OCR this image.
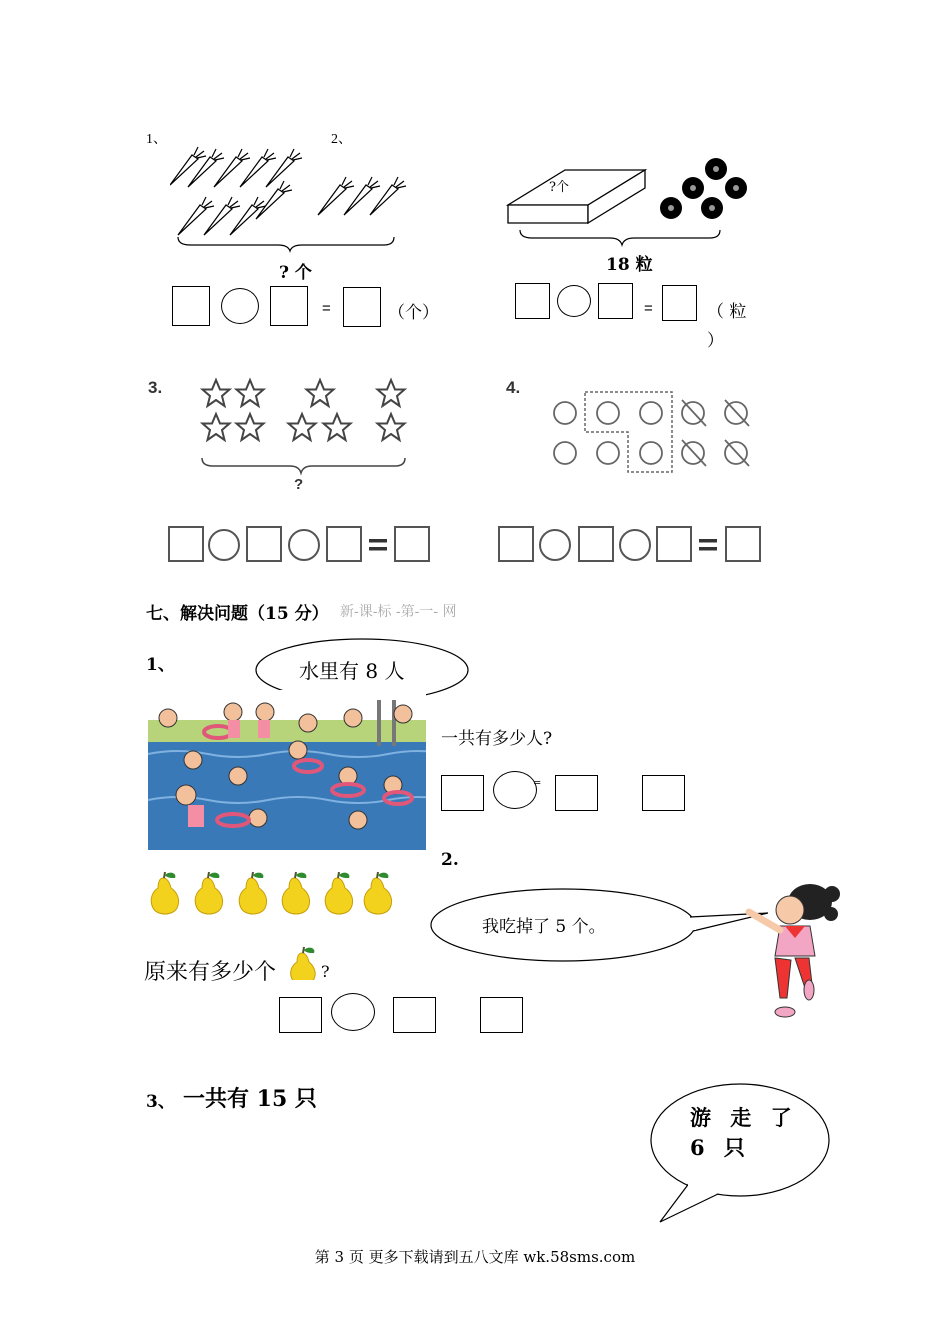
1、
? 个
=	（个）
2、
?个
18 粒
=	（ 粒
）
3.
?
4.
七、解决问题（15 分） 新-课-标 -第-一- 网
1、	水里有 8 人
一共有多少人?
=
2.
我吃掉了 5 个。
原来有多少个	?
3、 一共有 15 只
游 走 了 6 只
第 3 页 更多下载请到五八文库 wk.58sms.com
